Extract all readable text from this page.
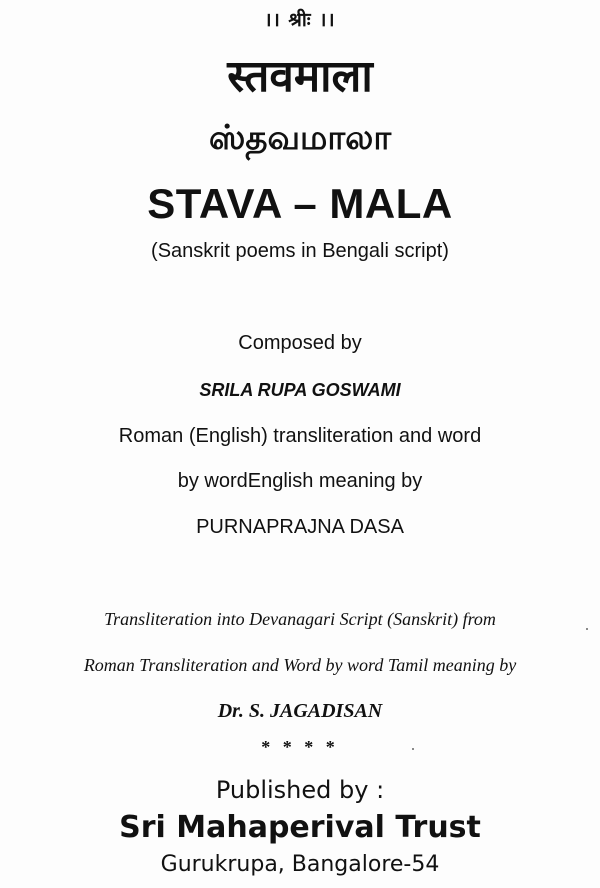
।। श्रीः ।।
स्तवमाला
ஸ்தவமாலா
STAVA – MALA
(Sanskrit poems in Bengali script)
Composed by
SRILA RUPA GOSWAMI
Roman (English) transliteration and word
by wordEnglish meaning by
PURNAPRAJNA DASA
Transliteration into Devanagari Script (Sanskrit) from
Roman Transliteration and Word by word Tamil meaning by
Dr. S. JAGADISAN
* * * *
Published by :
Sri Mahaperival Trust
Gurukrupa, Bangalore-54
